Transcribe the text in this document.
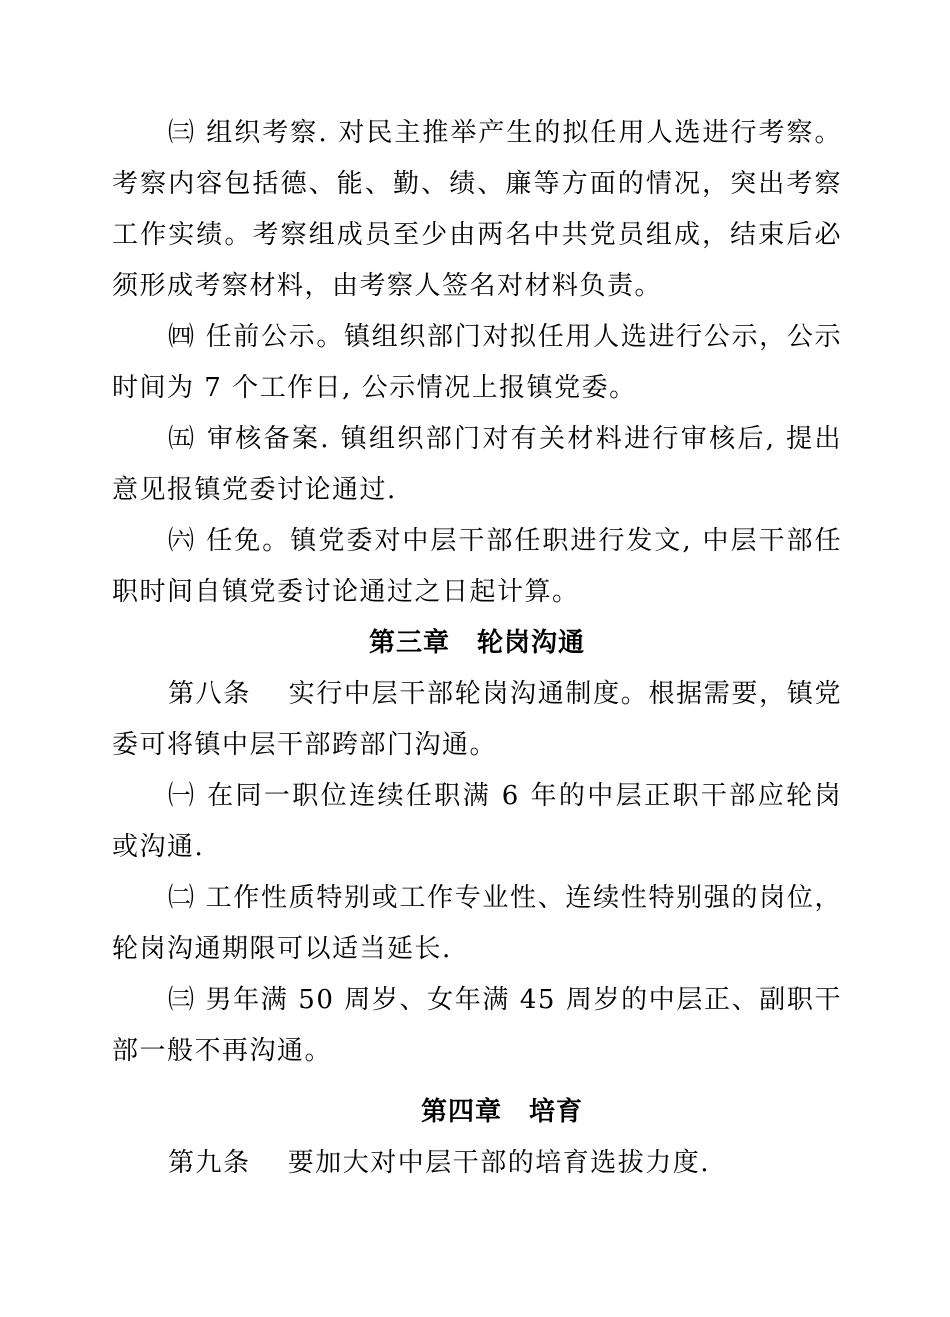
㈢ 组织考察. 对民主推举产生的拟任用人选进行考察。考察内容包括德、能、勤、绩、廉等方面的情况，突出考察工作实绩。考察组成员至少由两名中共党员组成，结束后必须形成考察材料，由考察人签名对材料负责。

㈣ 任前公示。镇组织部门对拟任用人选进行公示，公示时间为 7 个工作日, 公示情况上报镇党委。

㈤ 审核备案. 镇组织部门对有关材料进行审核后, 提出意见报镇党委讨论通过.

㈥ 任免。镇党委对中层干部任职进行发文, 中层干部任职时间自镇党委讨论通过之日起计算。

第三章　轮岗沟通

第八条　 实行中层干部轮岗沟通制度。根据需要，镇党委可将镇中层干部跨部门沟通。

㈠ 在同一职位连续任职满 6 年的中层正职干部应轮岗或沟通.

㈡ 工作性质特别或工作专业性、连续性特别强的岗位，轮岗沟通期限可以适当延长.

㈢ 男年满 50 周岁、女年满 45 周岁的中层正、副职干部一般不再沟通。

第四章　培育

第九条　 要加大对中层干部的培育选拔力度.
